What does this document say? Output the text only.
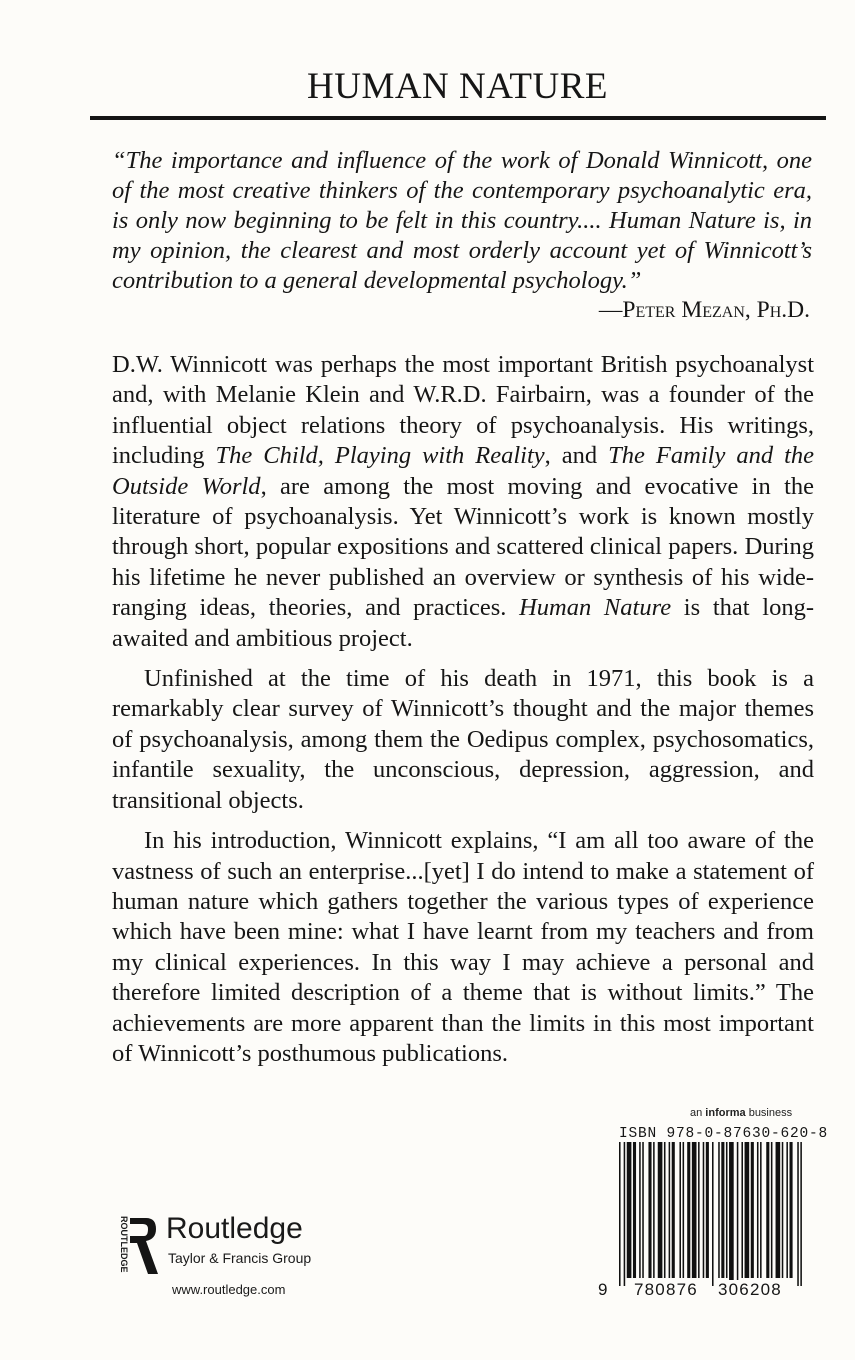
HUMAN NATURE

“The importance and influence of the work of Donald Winnicott, one of the most creative thinkers of the contemporary psychoanalytic era, is only now beginning to be felt in this country.... Human Nature is, in my opinion, the clearest and most orderly account yet of Winnicott’s contribution to a general developmental psychology.”

—Peter Mezan, Ph.D.

D.W. Winnicott was perhaps the most important British psychoanalyst and, with Melanie Klein and W.R.D. Fairbairn, was a founder of the influential object relations theory of psychoanalysis. His writings, including The Child, Playing with Reality, and The Family and the Outside World, are among the most moving and evocative in the literature of psychoanalysis. Yet Winnicott’s work is known mostly through short, popular expositions and scattered clinical papers. During his lifetime he never published an overview or synthesis of his wide-ranging ideas, theories, and practices. Human Nature is that long-awaited and ambitious project.

Unfinished at the time of his death in 1971, this book is a remarkably clear survey of Winnicott’s thought and the major themes of psychoanalysis, among them the Oedipus complex, psychosomatics, infantile sexuality, the unconscious, depression, aggression, and transitional objects.

In his introduction, Winnicott explains, “I am all too aware of the vastness of such an enterprise...[yet] I do intend to make a statement of human nature which gathers together the various types of experience which have been mine: what I have learnt from my teachers and from my clinical experiences. In this way I may achieve a personal and therefore limited description of a theme that is without limits.” The achievements are more apparent than the limits in this most important of Winnicott’s posthumous publications.

an informa business
ISBN 978-0-87630-620-8
9 780876 306208
ROUTLEDGE Routledge
Taylor & Francis Group
www.routledge.com
